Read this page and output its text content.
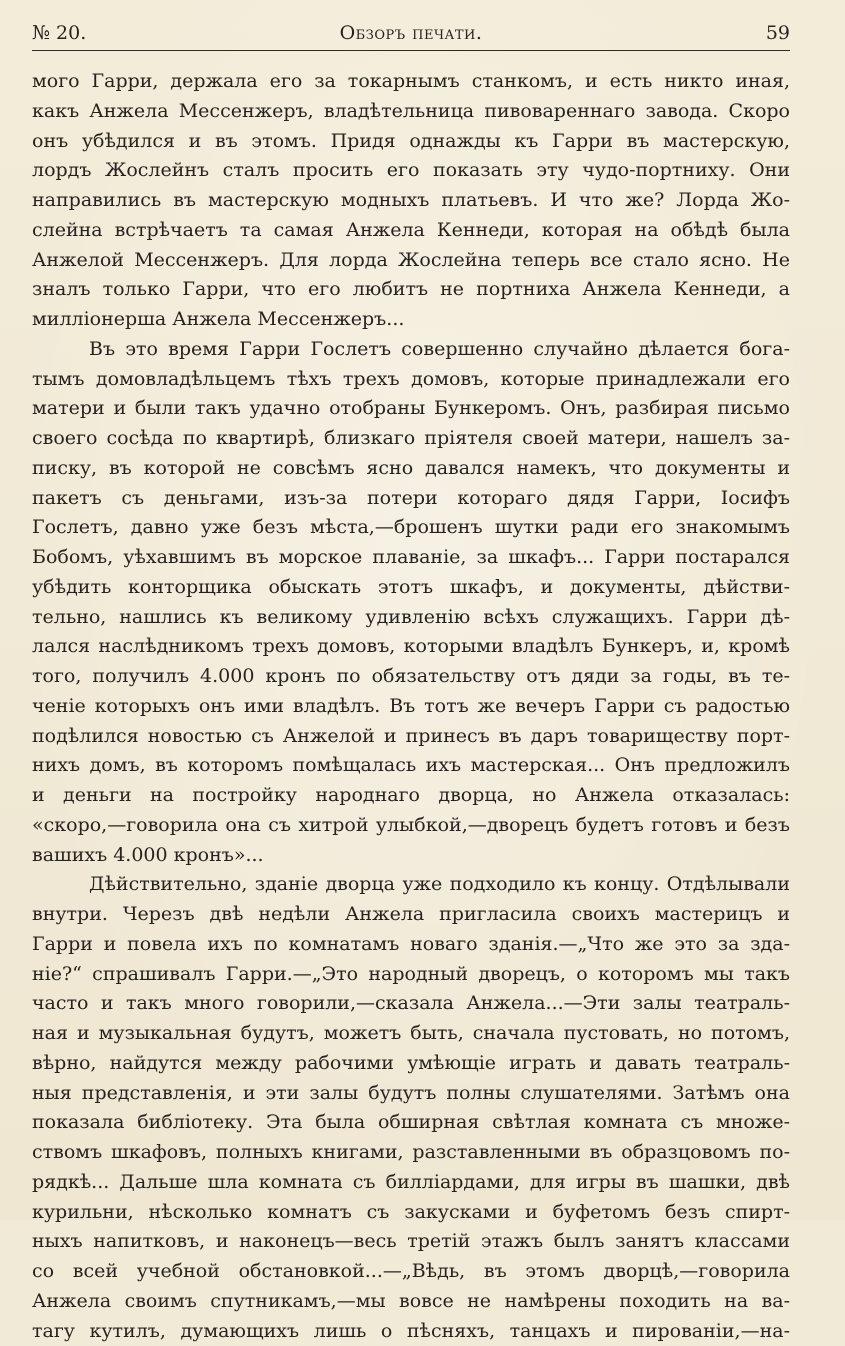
№ 20.	Обзоръ печати.	59
мого Гарри, держала его за токарнымъ станкомъ, и есть никто иная,
какъ Анжела Мессенжеръ, владѣтельница пивовареннаго завода. Скоро
онъ убѣдился и въ этомъ. Придя однажды къ Гарри въ мастерскую,
лордъ Жослейнъ сталъ просить его показать эту чудо-портниху. Они
направились въ мастерскую модныхъ платьевъ. И что же? Лорда Жо-
слейна встрѣчаетъ та самая Анжела Кеннеди, которая на обѣдѣ была
Анжелой Мессенжеръ. Для лорда Жослейна теперь все стало ясно. Не
зналъ только Гарри, что его любитъ не портниха Анжела Кеннеди, а
милліонерша Анжела Мессенжеръ...
Въ это время Гарри Гослетъ совершенно случайно дѣлается бога-
тымъ домовладѣльцемъ тѣхъ трехъ домовъ, которые принадлежали его
матери и были такъ удачно отобраны Бункеромъ. Онъ, разбирая письмо
своего сосѣда по квартирѣ, близкаго пріятеля своей матери, нашелъ за-
писку, въ которой не совсѣмъ ясно давался намекъ, что документы и
пакетъ съ деньгами, изъ-за потери котораго дядя Гарри, Іосифъ
Гослетъ, давно уже безъ мѣста,—брошенъ шутки ради его знакомымъ
Бобомъ, уѣхавшимъ въ морское плаваніе, за шкафъ... Гарри постарался
убѣдить конторщика обыскать этотъ шкафъ, и документы, дѣйстви-
тельно, нашлись къ великому удивленію всѣхъ служащихъ. Гарри дѣ-
лался наслѣдникомъ трехъ домовъ, которыми владѣлъ Бункеръ, и, кромѣ
того, получилъ 4.000 кронъ по обязательству отъ дяди за годы, въ те-
ченіе которыхъ онъ ими владѣлъ. Въ тотъ же вечеръ Гарри съ радостью
подѣлился новостью съ Анжелой и принесъ въ даръ товариществу порт-
нихъ домъ, въ которомъ помѣщалась ихъ мастерская... Онъ предложилъ
и деньги на постройку народнаго дворца, но Анжела отказалась:
«скоро,—говорила она съ хитрой улыбкой,—дворецъ будетъ готовъ и безъ
вашихъ 4.000 кронъ»...
Дѣйствительно, зданіе дворца уже подходило къ концу. Отдѣлывали
внутри. Черезъ двѣ недѣли Анжела пригласила своихъ мастерицъ и
Гарри и повела ихъ по комнатамъ новаго зданія.—„Что же это за зда-
ніе?“ спрашивалъ Гарри.—„Это народный дворецъ, о которомъ мы такъ
часто и такъ много говорили,—сказала Анжела...—Эти залы театраль-
ная и музыкальная будутъ, можетъ быть, сначала пустовать, но потомъ,
вѣрно, найдутся между рабочими умѣющіе играть и давать театраль-
ныя представленія, и эти залы будутъ полны слушателями. Затѣмъ она
показала библіотеку. Эта была обширная свѣтлая комната съ множе-
ствомъ шкафовъ, полныхъ книгами, разставленными въ образцовомъ по-
рядкѣ... Дальше шла комната съ билліардами, для игры въ шашки, двѣ
курильни, нѣсколько комнатъ съ закусками и буфетомъ безъ спирт-
ныхъ напитковъ, и наконецъ—весь третій этажъ былъ занятъ классами
со всей учебной обстановкой...—„Вѣдь, въ этомъ дворцѣ,—говорила
Анжела своимъ спутникамъ,—мы вовсе не намѣрены походить на ва-
тагу кутилъ, думающихъ лишь о пѣсняхъ, танцахъ и пированіи,—на-
